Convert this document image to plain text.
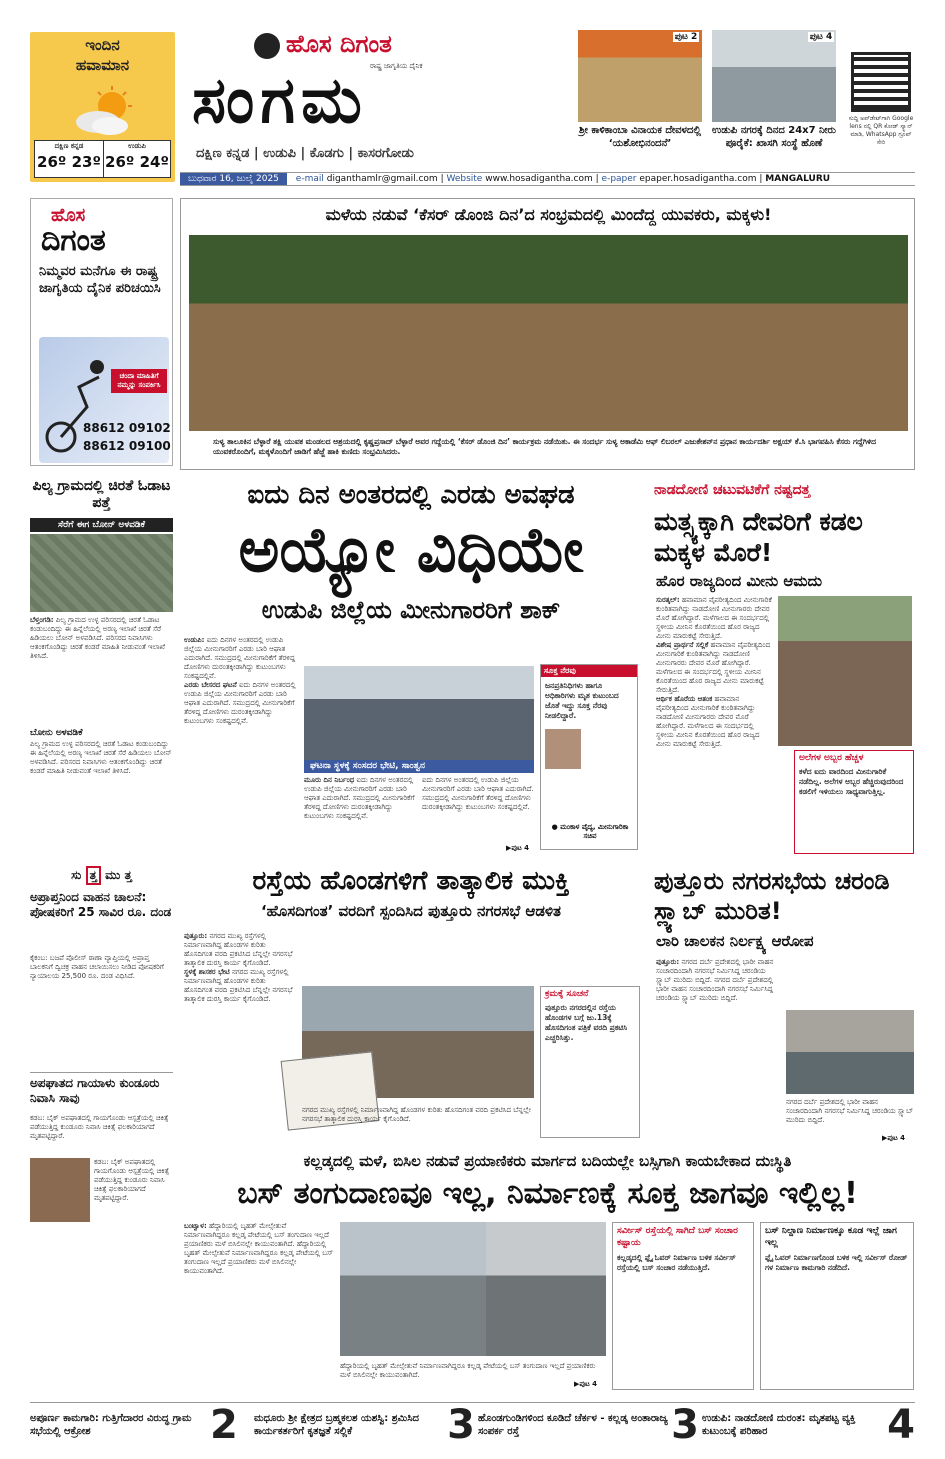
ಇಂದಿನ
ಹವಾಮಾನ
ದಕ್ಷಿಣ ಕನ್ನಡ	ಉಡುಪಿ
26º 23º 26º 24º
ಹೊಸ ದಿಗಂತ
ರಾಷ್ಟ್ರ ಜಾಗೃತಿಯ ದೈನಿಕ
ಸಂಗಮ
ದಕ್ಷಿಣ ಕನ್ನಡ | ಉಡುಪಿ | ಕೊಡಗು | ಕಾಸರಗೋಡು
ಪುಟ 2
ಶ್ರೀ ಕಾಳಿಕಾಂಬಾ ವಿನಾಯಕ ದೇವಳದಲ್ಲಿ ‘ಯಶೋಭಿನಂದನೆ’
ಪುಟ 4
ಉಡುಪಿ ನಗರಕ್ಕೆ ದಿನದ 24x7 ನೀರು ಪೂರೈಕೆ: ಖಾಸಗಿ ಸಂಸ್ಥೆ ಹೊಣೆ
ಸುದ್ದಿ ಅಪ್‌ಡೇಟ್‌ಗಾಗಿ Google lens ನಲ್ಲಿ QR ಕೋಡ್ ಸ್ಕ್ಯಾನ್ ಮಾಡಿ, WhatsApp ಗ್ರೂಪ್ ಸೇರಿ
ಬುಧವಾರ 16, ಜುಲೈ 2025 e-mail diganthamlr@gmail.com | Website www.hosadigantha.com | e-paper epaper.hosadigantha.com | MANGALURU
ಹೊಸ
ದಿಗಂತ
ನಿಮ್ಮವರ ಮನೆಗೂ ಈ ರಾಷ್ಟ್ರ ಜಾಗೃತಿಯ ದೈನಿಕ ಪರಿಚಯಿಸಿ
ಚಂದಾ ಮಾಹಿತಿಗೆ ನಮ್ಮನ್ನು ಸಂಪರ್ಕಿಸಿ
88612 09102
88612 09100
ಮಳೆಯ ನಡುವೆ ‘ಕೆಸರ್ ಡೊಂಜಿ ದಿನ’ದ ಸಂಭ್ರಮದಲ್ಲಿ ಮಿಂದೆದ್ದ ಯುವಕರು, ಮಕ್ಕಳು!
ಸುಳ್ಯ ತಾಲೂಕಿನ ಬೆಳ್ಳಾರೆ ತಕ್ಷಿ ಯುವಕ ಮಂಡಲದ ಆಶ್ರಯದಲ್ಲಿ ಕೃಷ್ಣಪ್ರಸಾದ್ ಬೆಳ್ಳಾರೆ ಅವರ ಗದ್ದೆಯಲ್ಲಿ ‘ಕೆಸರ್ ಡೊಂಜಿ ದಿನ’ ಕಾರ್ಯಕ್ರಮ ನಡೆಯಿತು. ಈ ಸಂದರ್ಭ ಸುಳ್ಯ ಅಕಾಡೆಮಿ ಆಫ್ ಲಿಬರಲ್ ಎಜುಕೇಶನ್‌ನ ಪ್ರಧಾನ ಕಾರ್ಯದರ್ಶಿ ಅಕ್ಷಯ್ ಕೆ.ಸಿ ಭಾಗವಹಿಸಿ ಕೆಸರು ಗದ್ದೆಗಿಳಿದ ಯುವಕರೊಂದಿಗೆ, ಮಕ್ಕಳೊಂದಿಗೆ ಜಾಡಿಗೆ ಹೆಜ್ಜೆ ಹಾಕಿ ಕುಣಿದು ಸಂಭ್ರಮಿಸಿದರು.
ಪಿಲ್ಯ ಗ್ರಾಮದಲ್ಲಿ ಚಿರತೆ ಓಡಾಟ ಪತ್ತೆ
ಸೆರೆಗೆ ಈಗ ಬೋನ್ ಅಳವಡಿಕೆ
ಬೆಳ್ತಂಗಡಿ: ಪಿಲ್ಯ ಗ್ರಾಮದ ಉಳ್ಳ ಪರಿಸರದಲ್ಲಿ ಚಿರತೆ ಓಡಾಟ ಕಂಡುಬಂದಿದ್ದು ಈ ಹಿನ್ನೆಲೆಯಲ್ಲಿ ಅರಣ್ಯ ಇಲಾಖೆ ಚಿರತೆ ಸೆರೆ ಹಿಡಿಯಲು ಬೋನ್ ಅಳವಡಿಸಿದೆ. ಪರಿಸರದ ನಿವಾಸಿಗಳು ಆತಂಕಗೊಂಡಿದ್ದು ಚಿರತೆ ಕಂಡರೆ ಮಾಹಿತಿ ನೀಡುವಂತೆ ಇಲಾಖೆ ತಿಳಿಸಿದೆ.
ಬೋನು ಅಳವಡಿಕೆ
ಪಿಲ್ಯ ಗ್ರಾಮದ ಉಳ್ಳ ಪರಿಸರದಲ್ಲಿ ಚಿರತೆ ಓಡಾಟ ಕಂಡುಬಂದಿದ್ದು ಈ ಹಿನ್ನೆಲೆಯಲ್ಲಿ ಅರಣ್ಯ ಇಲಾಖೆ ಚಿರತೆ ಸೆರೆ ಹಿಡಿಯಲು ಬೋನ್ ಅಳವಡಿಸಿದೆ. ಪರಿಸರದ ನಿವಾಸಿಗಳು ಆತಂಕಗೊಂಡಿದ್ದು ಚಿರತೆ ಕಂಡರೆ ಮಾಹಿತಿ ನೀಡುವಂತೆ ಇಲಾಖೆ ತಿಳಿಸಿದೆ.
ಐದು ದಿನ ಅಂತರದಲ್ಲಿ ಎರಡು ಅವಘಡ
ಅಯ್ಯೋ ವಿಧಿಯೇ
ಉಡುಪಿ ಜಿಲ್ಲೆಯ ಮೀನುಗಾರರಿಗೆ ಶಾಕ್
ಉಡುಪಿ: ಐದು ದಿನಗಳ ಅಂತರದಲ್ಲಿ ಉಡುಪಿ ಜಿಲ್ಲೆಯ ಮೀನುಗಾರರಿಗೆ ಎರಡು ಬಾರಿ ಆಘಾತ ಎದುರಾಗಿದೆ. ಸಮುದ್ರದಲ್ಲಿ ಮೀನುಗಾರಿಕೆಗೆ ತೆರಳಿದ್ದ ದೋಣಿಗಳು ದುರಂತಕ್ಕೀಡಾಗಿದ್ದು ಕುಟುಂಬಗಳು ಸಂಕಷ್ಟದಲ್ಲಿವೆ.
ಎರಡು ಬೇಸರದ ಘಟನೆ ಐದು ದಿನಗಳ ಅಂತರದಲ್ಲಿ ಉಡುಪಿ ಜಿಲ್ಲೆಯ ಮೀನುಗಾರರಿಗೆ ಎರಡು ಬಾರಿ ಆಘಾತ ಎದುರಾಗಿದೆ. ಸಮುದ್ರದಲ್ಲಿ ಮೀನುಗಾರಿಕೆಗೆ ತೆರಳಿದ್ದ ದೋಣಿಗಳು ದುರಂತಕ್ಕೀಡಾಗಿದ್ದು ಕುಟುಂಬಗಳು ಸಂಕಷ್ಟದಲ್ಲಿವೆ.
ಘಟನಾ ಸ್ಥಳಕ್ಕೆ ಸಂಸದರ ಭೇಟಿ, ಸಾಂತ್ವನ
ಮೂರು ದಿನ ನಿರ್ಬಂಧ ಐದು ದಿನಗಳ ಅಂತರದಲ್ಲಿ ಉಡುಪಿ ಜಿಲ್ಲೆಯ ಮೀನುಗಾರರಿಗೆ ಎರಡು ಬಾರಿ ಆಘಾತ ಎದುರಾಗಿದೆ. ಸಮುದ್ರದಲ್ಲಿ ಮೀನುಗಾರಿಕೆಗೆ ತೆರಳಿದ್ದ ದೋಣಿಗಳು ದುರಂತಕ್ಕೀಡಾಗಿದ್ದು ಕುಟುಂಬಗಳು ಸಂಕಷ್ಟದಲ್ಲಿವೆ.
ಐದು ದಿನಗಳ ಅಂತರದಲ್ಲಿ ಉಡುಪಿ ಜಿಲ್ಲೆಯ ಮೀನುಗಾರರಿಗೆ ಎರಡು ಬಾರಿ ಆಘಾತ ಎದುರಾಗಿದೆ. ಸಮುದ್ರದಲ್ಲಿ ಮೀನುಗಾರಿಕೆಗೆ ತೆರಳಿದ್ದ ದೋಣಿಗಳು ದುರಂತಕ್ಕೀಡಾಗಿದ್ದು ಕುಟುಂಬಗಳು ಸಂಕಷ್ಟದಲ್ಲಿವೆ.
▶ಪುಟ 4
ಸೂಕ್ತ ನೆರವು
ಜನಪ್ರತಿನಿಧಿಗಳು ಹಾಗೂ ಅಧಿಕಾರಿಗಳು ಮೃತ ಕುಟುಂಬದ ಜೊತೆ ಇದ್ದು ಸೂಕ್ತ ನೆರವು ನೀಡಲಿದ್ದಾರೆ.
● ಮಂಕಾಳ ವೈದ್ಯ, ಮೀನುಗಾರಿಕಾ ಸಚಿವ
ನಾಡದೋಣಿ ಚಟುವಟಿಕೆಗೆ ನಷ್ಟದತ್ತ
ಮತ್ಸ್ಯಕ್ಕಾಗಿ ದೇವರಿಗೆ ಕಡಲ ಮಕ್ಕಳ ಮೊರೆ!
ಹೊರ ರಾಜ್ಯದಿಂದ ಮೀನು ಆಮದು
ಸುರತ್ಕಲ್: ಹವಾಮಾನ ವೈಪರೀತ್ಯದಿಂದ ಮೀನುಗಾರಿಕೆ ಕುಂಠಿತವಾಗಿದ್ದು ನಾಡದೋಣಿ ಮೀನುಗಾರರು ದೇವರ ಮೊರೆ ಹೋಗಿದ್ದಾರೆ. ಮಳೆಗಾಲದ ಈ ಸಂದರ್ಭದಲ್ಲಿ ಸ್ಥಳೀಯ ಮೀನಿನ ಕೊರತೆಯಿಂದ ಹೊರ ರಾಜ್ಯದ ಮೀನು ಮಾರುಕಟ್ಟೆ ಸೇರುತ್ತಿದೆ.
ವಿಶೇಷ ಪ್ರಾರ್ಥನೆ ಸಲ್ಲಿಕೆ ಹವಾಮಾನ ವೈಪರೀತ್ಯದಿಂದ ಮೀನುಗಾರಿಕೆ ಕುಂಠಿತವಾಗಿದ್ದು ನಾಡದೋಣಿ ಮೀನುಗಾರರು ದೇವರ ಮೊರೆ ಹೋಗಿದ್ದಾರೆ. ಮಳೆಗಾಲದ ಈ ಸಂದರ್ಭದಲ್ಲಿ ಸ್ಥಳೀಯ ಮೀನಿನ ಕೊರತೆಯಿಂದ ಹೊರ ರಾಜ್ಯದ ಮೀನು ಮಾರುಕಟ್ಟೆ ಸೇರುತ್ತಿದೆ.
ಆರ್ಥಿಕ ಹೊರೆಯ ಆತಂಕ ಹವಾಮಾನ ವೈಪರೀತ್ಯದಿಂದ ಮೀನುಗಾರಿಕೆ ಕುಂಠಿತವಾಗಿದ್ದು ನಾಡದೋಣಿ ಮೀನುಗಾರರು ದೇವರ ಮೊರೆ ಹೋಗಿದ್ದಾರೆ. ಮಳೆಗಾಲದ ಈ ಸಂದರ್ಭದಲ್ಲಿ ಸ್ಥಳೀಯ ಮೀನಿನ ಕೊರತೆಯಿಂದ ಹೊರ ರಾಜ್ಯದ ಮೀನು ಮಾರುಕಟ್ಟೆ ಸೇರುತ್ತಿದೆ.
ಅಲೆಗಳ ಅಬ್ಬರ ಹೆಚ್ಚಳ
ಕಳೆದ ಐದು ವಾರದಿಂದ ಮೀನುಗಾರಿಕೆ ನಡೆದಿಲ್ಲ. ಅಲೆಗಳ ಅಬ್ಬರ ಹೆಚ್ಚಿರುವುದರಿಂದ ಕಡಲಿಗೆ ಇಳಿಯಲು ಸಾಧ್ಯವಾಗುತ್ತಿಲ್ಲ.
ಸು ತ್ತ ಮು ತ್ತ
ಅಪ್ರಾಪ್ತನಿಂದ ವಾಹನ ಚಾಲನೆ: ಪೋಷಕರಿಗೆ 25 ಸಾವಿರ ರೂ. ದಂಡ
ಕೈಕಂಬ: ಬಜಪೆ ಪೊಲೀಸ್ ಠಾಣಾ ವ್ಯಾಪ್ತಿಯಲ್ಲಿ ಅಪ್ರಾಪ್ತ ಬಾಲಕನಿಗೆ ದ್ವಿಚಕ್ರ ವಾಹನ ಚಲಾಯಿಸಲು ನೀಡಿದ ಪೋಷಕರಿಗೆ ನ್ಯಾಯಾಲಯ 25,500 ರೂ. ದಂಡ ವಿಧಿಸಿದೆ.
ಅಪಘಾತದ ಗಾಯಾಳು ಕುಂಡೂರು ನಿವಾಸಿ ಸಾವು
ಕಡಬ: ಬೈಕ್ ಅಪಘಾತದಲ್ಲಿ ಗಾಯಗೊಂಡು ಆಸ್ಪತ್ರೆಯಲ್ಲಿ ಚಿಕಿತ್ಸೆ ಪಡೆಯುತ್ತಿದ್ದ ಕುಂಡೂರು ನಿವಾಸಿ ಚಿಕಿತ್ಸೆ ಫಲಕಾರಿಯಾಗದೆ ಮೃತಪಟ್ಟಿದ್ದಾರೆ.
ಕಡಬ: ಬೈಕ್ ಅಪಘಾತದಲ್ಲಿ ಗಾಯಗೊಂಡು ಆಸ್ಪತ್ರೆಯಲ್ಲಿ ಚಿಕಿತ್ಸೆ ಪಡೆಯುತ್ತಿದ್ದ ಕುಂಡೂರು ನಿವಾಸಿ ಚಿಕಿತ್ಸೆ ಫಲಕಾರಿಯಾಗದೆ ಮೃತಪಟ್ಟಿದ್ದಾರೆ.
ರಸ್ತೆಯ ಹೊಂಡಗಳಿಗೆ ತಾತ್ಕಾಲಿಕ ಮುಕ್ತಿ
‘ಹೊಸದಿಗಂತ’ ವರದಿಗೆ ಸ್ಪಂದಿಸಿದ ಪುತ್ತೂರು ನಗರಸಭೆ ಆಡಳಿತ
ಪುತ್ತೂರು: ನಗರದ ಮುಖ್ಯ ರಸ್ತೆಗಳಲ್ಲಿ ನಿರ್ಮಾಣವಾಗಿದ್ದ ಹೊಂಡಗಳ ಕುರಿತು ಹೊಸದಿಗಂತ ವರದಿ ಪ್ರಕಟಿಸಿದ ಬೆನ್ನಲ್ಲೇ ನಗರಸಭೆ ತಾತ್ಕಾಲಿಕ ದುರಸ್ತಿ ಕಾರ್ಯ ಕೈಗೊಂಡಿದೆ.
ಸ್ಥಳಕ್ಕೆ ಶಾಸಕರ ಭೇಟಿ ನಗರದ ಮುಖ್ಯ ರಸ್ತೆಗಳಲ್ಲಿ ನಿರ್ಮಾಣವಾಗಿದ್ದ ಹೊಂಡಗಳ ಕುರಿತು ಹೊಸದಿಗಂತ ವರದಿ ಪ್ರಕಟಿಸಿದ ಬೆನ್ನಲ್ಲೇ ನಗರಸಭೆ ತಾತ್ಕಾಲಿಕ ದುರಸ್ತಿ ಕಾರ್ಯ ಕೈಗೊಂಡಿದೆ.
ನಗರದ ಮುಖ್ಯ ರಸ್ತೆಗಳಲ್ಲಿ ನಿರ್ಮಾಣವಾಗಿದ್ದ ಹೊಂಡಗಳ ಕುರಿತು ಹೊಸದಿಗಂತ ವರದಿ ಪ್ರಕಟಿಸಿದ ಬೆನ್ನಲ್ಲೇ ನಗರಸಭೆ ತಾತ್ಕಾಲಿಕ ದುರಸ್ತಿ ಕಾರ್ಯ ಕೈಗೊಂಡಿದೆ.
ಕ್ರಮಕ್ಕೆ ಸೂಚನೆ
ಪುತ್ತೂರು ನಗರದಲ್ಲಿನ ರಸ್ತೆಯ ಹೊಂಡಗಳ ಬಗ್ಗೆ ಜು.13ಕ್ಕೆ ಹೊಸದಿಗಂತ ಪತ್ರಿಕೆ ವರದಿ ಪ್ರಕಟಿಸಿ ಎಚ್ಚರಿಸಿತ್ತು.
ಪುತ್ತೂರು ನಗರಸಭೆಯ ಚರಂಡಿ ಸ್ಲ್ಯಾಬ್ ಮುರಿತ!
ಲಾರಿ ಚಾಲಕನ ನಿರ್ಲಕ್ಷ್ಯ ಆರೋಪ
ಪುತ್ತೂರು: ನಗರದ ದರ್ಬೆ ಪ್ರದೇಶದಲ್ಲಿ ಭಾರೀ ವಾಹನ ಸಂಚಾರದಿಂದಾಗಿ ನಗರಸಭೆ ನಿರ್ಮಿಸಿದ್ದ ಚರಂಡಿಯ ಸ್ಲ್ಯಾಬ್ ಮುರಿದು ಬಿದ್ದಿದೆ. ನಗರದ ದರ್ಬೆ ಪ್ರದೇಶದಲ್ಲಿ ಭಾರೀ ವಾಹನ ಸಂಚಾರದಿಂದಾಗಿ ನಗರಸಭೆ ನಿರ್ಮಿಸಿದ್ದ ಚರಂಡಿಯ ಸ್ಲ್ಯಾಬ್ ಮುರಿದು ಬಿದ್ದಿದೆ.
ನಗರದ ದರ್ಬೆ ಪ್ರದೇಶದಲ್ಲಿ ಭಾರೀ ವಾಹನ ಸಂಚಾರದಿಂದಾಗಿ ನಗರಸಭೆ ನಿರ್ಮಿಸಿದ್ದ ಚರಂಡಿಯ ಸ್ಲ್ಯಾಬ್ ಮುರಿದು ಬಿದ್ದಿದೆ.
▶ಪುಟ 4
ಕಲ್ಲಡ್ಕದಲ್ಲಿ ಮಳೆ, ಬಿಸಿಲ ನಡುವೆ ಪ್ರಯಾಣಿಕರು ಮಾರ್ಗದ ಬದಿಯಲ್ಲೇ ಬಸ್ಸಿಗಾಗಿ ಕಾಯಬೇಕಾದ ದುಃಸ್ಥಿತಿ
ಬಸ್ ತಂಗುದಾಣವೂ ಇಲ್ಲ, ನಿರ್ಮಾಣಕ್ಕೆ ಸೂಕ್ತ ಜಾಗವೂ ಇಲ್ಲಿಲ್ಲ!
ಬಂಟ್ವಾಳ: ಹೆದ್ದಾರಿಯಲ್ಲಿ ಬೃಹತ್ ಮೇಲ್ಸೇತುವೆ ನಿರ್ಮಾಣವಾಗಿದ್ದರೂ ಕಲ್ಲಡ್ಕ ಪೇಟೆಯಲ್ಲಿ ಬಸ್ ತಂಗುದಾಣ ಇಲ್ಲದೆ ಪ್ರಯಾಣಿಕರು ಮಳೆ ಬಿಸಿಲಿನಲ್ಲೇ ಕಾಯುವಂತಾಗಿದೆ. ಹೆದ್ದಾರಿಯಲ್ಲಿ ಬೃಹತ್ ಮೇಲ್ಸೇತುವೆ ನಿರ್ಮಾಣವಾಗಿದ್ದರೂ ಕಲ್ಲಡ್ಕ ಪೇಟೆಯಲ್ಲಿ ಬಸ್ ತಂಗುದಾಣ ಇಲ್ಲದೆ ಪ್ರಯಾಣಿಕರು ಮಳೆ ಬಿಸಿಲಿನಲ್ಲೇ ಕಾಯುವಂತಾಗಿದೆ.
ಹೆದ್ದಾರಿಯಲ್ಲಿ ಬೃಹತ್ ಮೇಲ್ಸೇತುವೆ ನಿರ್ಮಾಣವಾಗಿದ್ದರೂ ಕಲ್ಲಡ್ಕ ಪೇಟೆಯಲ್ಲಿ ಬಸ್ ತಂಗುದಾಣ ಇಲ್ಲದೆ ಪ್ರಯಾಣಿಕರು ಮಳೆ ಬಿಸಿಲಿನಲ್ಲೇ ಕಾಯುವಂತಾಗಿದೆ.
ಸರ್ವೀಸ್ ರಸ್ತೆಯಲ್ಲಿ ಸಾಗಿದೆ ಬಸ್ ಸಂಚಾರ ಕಷ್ಟಾಯ
ಕಲ್ಲಡ್ಕದಲ್ಲಿ ಫ್ಲೈ ಓವರ್ ನಿರ್ಮಾಣ ಬಳಿಕ ಸರ್ವೀಸ್ ರಸ್ತೆಯಲ್ಲಿ ಬಸ್ ಸಂಚಾರ ನಡೆಯುತ್ತಿದೆ.
ಬಸ್ ನಿಲ್ದಾಣ ನಿರ್ಮಾಣಕ್ಕೂ ಕೂಡ ಇಲ್ಲೆ ಜಾಗ ಇಲ್ಲ
ಫ್ಲೈ ಓವರ್ ನಿರ್ಮಾಣಗೊಂಡ ಬಳಿಕ ಇಲ್ಲಿ ಸರ್ವೀಸ್ ರೋಡ್ ಗಳ ನಿರ್ಮಾಣ ಕಾಮಗಾರಿ ನಡೆದಿದೆ.
▶ಪುಟ 4
ಅಪೂರ್ಣ ಕಾಮಗಾರಿ: ಗುತ್ತಿಗೆದಾರರ ವಿರುದ್ಧ ಗ್ರಾಮ ಸಭೆಯಲ್ಲಿ ಆಕ್ರೋಶ	2 ಮಧೂರು ಶ್ರೀ ಕ್ಷೇತ್ರದ ಬ್ರಹ್ಮಕಲಶ ಯಶಸ್ವಿ: ಶ್ರಮಿಸಿದ ಕಾರ್ಯಕರ್ತರಿಗೆ ಕೃತಜ್ಞತೆ ಸಲ್ಲಿಕೆ	3 ಹೊಂಡಗುಂಡಿಗಳಿಂದ ಕೂಡಿದೆ ಚೆರ್ಕಳ - ಕಲ್ಲಡ್ಕ ಅಂತಾರಾಜ್ಯ ಸಂಪರ್ಕ ರಸ್ತೆ	3 ಉಡುಪಿ: ನಾಡದೋಣಿ ದುರಂತ: ಮೃತಪಟ್ಟ ವ್ಯಕ್ತಿ ಕುಟುಂಬಕ್ಕೆ ಪರಿಹಾರ	4
